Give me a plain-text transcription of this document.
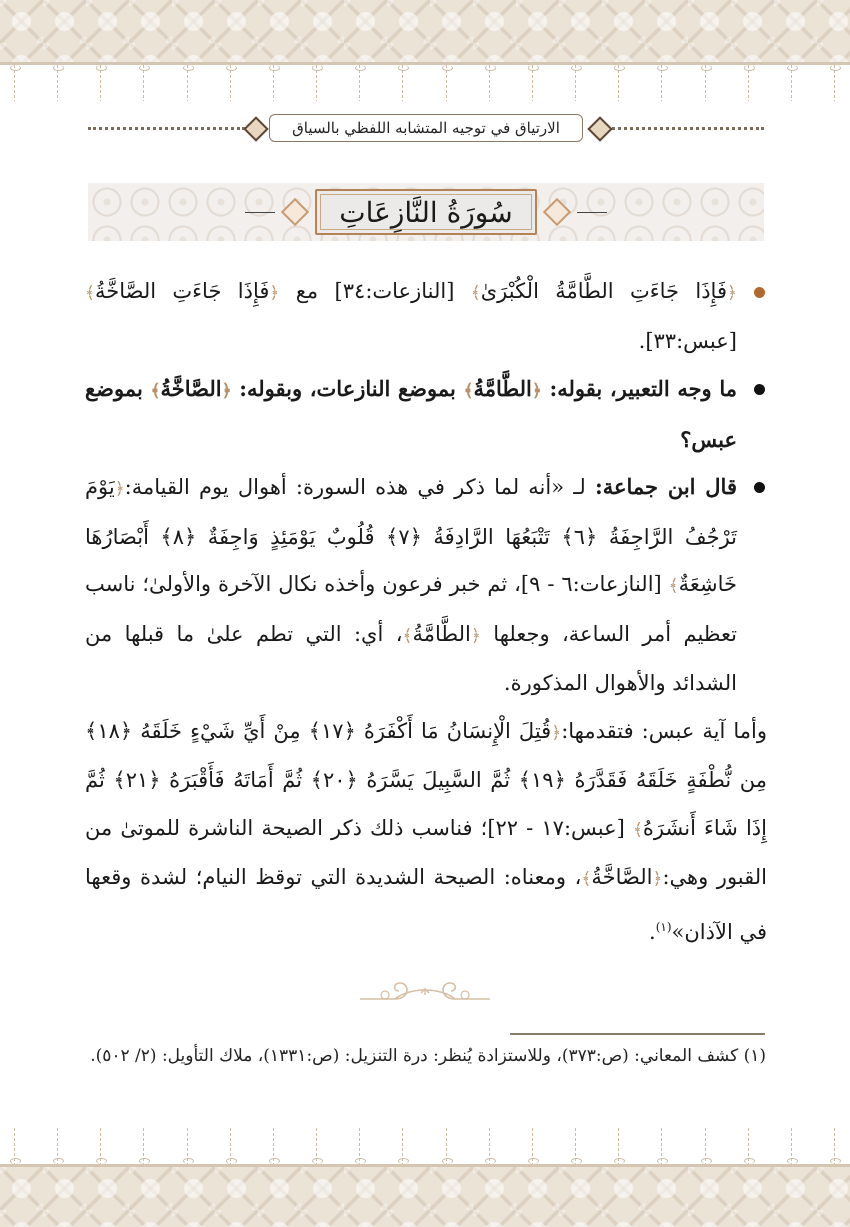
الارتياق في توجيه المتشابه اللفظي بالسياق
سُورَةُ النَّازِعَاتِ
﴿فَإِذَا جَاءَتِ الطَّامَّةُ الْكُبْرَىٰ﴾ [النازعات:٣٤] مع ﴿فَإِذَا جَاءَتِ الصَّاخَّةُ﴾ [عبس:٣٣].
ما وجه التعبير، بقوله: ﴿الطَّامَّةُ﴾ بموضع النازعات، وبقوله: ﴿الصَّاخَّةُ﴾ بموضع عبس؟
قال ابن جماعة: لـ «أنه لما ذكر في هذه السورة: أهوال يوم القيامة:﴿يَوْمَ تَرْجُفُ الرَّاجِفَةُ ﴿٦﴾ تَتْبَعُهَا الرَّادِفَةُ ﴿٧﴾ قُلُوبٌ يَوْمَئِذٍ وَاجِفَةٌ ﴿٨﴾ أَبْصَارُهَا خَاشِعَةٌ﴾ [النازعات:٦ - ٩]، ثم خبر فرعون وأخذه نكال الآخرة والأولىٰ؛ ناسب تعظيم أمر الساعة، وجعلها ﴿الطَّامَّةُ﴾، أي: التي تطم علىٰ ما قبلها من الشدائد والأهوال المذكورة.
وأما آية عبس: فتقدمها:﴿قُتِلَ الْإِنسَانُ مَا أَكْفَرَهُ ﴿١٧﴾ مِنْ أَيِّ شَيْءٍ خَلَقَهُ ﴿١٨﴾ مِن نُّطْفَةٍ خَلَقَهُ فَقَدَّرَهُ ﴿١٩﴾ ثُمَّ السَّبِيلَ يَسَّرَهُ ﴿٢٠﴾ ثُمَّ أَمَاتَهُ فَأَقْبَرَهُ ﴿٢١﴾ ثُمَّ إِذَا شَاءَ أَنشَرَهُ﴾ [عبس:١٧ - ٢٢]؛ فناسب ذلك ذكر الصيحة الناشرة للموتىٰ من القبور وهي:﴿الصَّاخَّةُ﴾، ومعناه: الصيحة الشديدة التي توقظ النيام؛ لشدة وقعها في الآذان»$^{(١)}$.
(١) كشف المعاني: (ص:٣٧٣)، وللاستزادة يُنظر: درة التنزيل: (ص:١٣٣١)، ملاك التأويل: (٢/ ٥٠٢).
